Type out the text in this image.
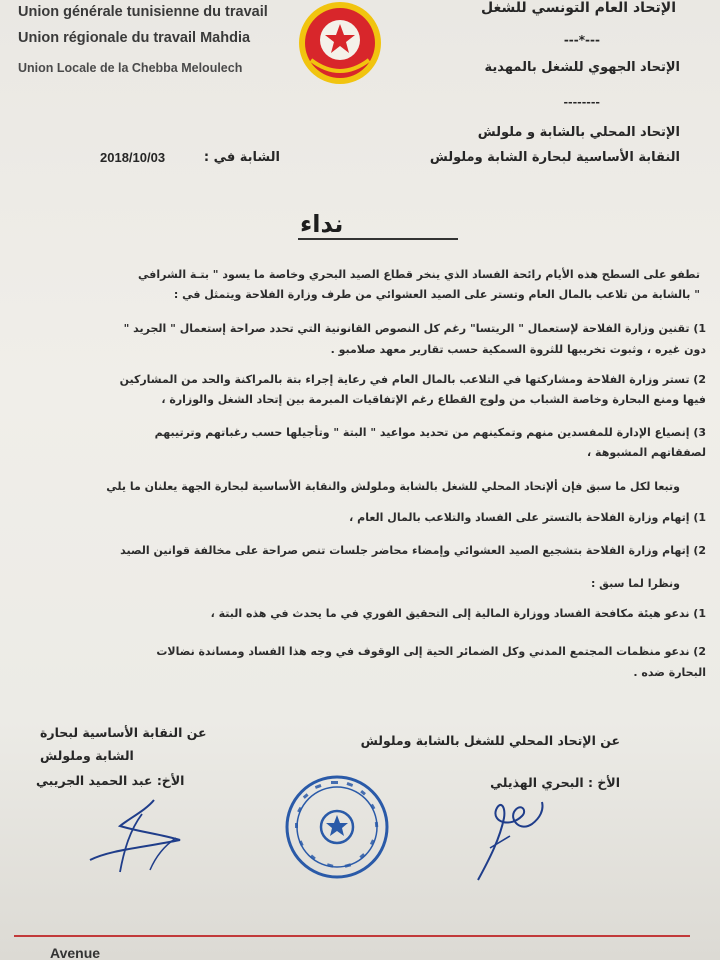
Union générale tunisienne du travail
Union régionale du travail Mahdia
Union Locale de la Chebba Meloulech
الإتحاد العام التونسي للشغل
---*---
الإتحاد الجهوي للشغل بالمهدية
--------
الإتحاد المحلي بالشابة و ملولش
النقابة الأساسية لبحارة الشابة وملولش
الشابة في :
2018/10/03
نداء
تطفو على السطح هذه الأيام رائحة الفساد الذي ينخر قطاع الصيد البحري وخاصة ما يسود " بتـة الشرافي
" بالشابة من تلاعب بالمال العام وتستر على الصيد العشوائي من طرف وزارة الفلاحة ويتمثل في :
1) تقنين وزارة الفلاحة لإستعمال " الريتسا" رغم كل النصوص القانونية التي تحدد صراحة إستعمال " الجريد "
دون غيره ، وثبوت تخريبها للثروة السمكية حسب تقارير معهد صلامبو .
2) تستر وزارة الفلاحة ومشاركتها في التلاعب بالمال العام في رعاية إجراء بتة بالمراكنة والحد من المشاركين
فيها ومنع البحارة وخاصة الشباب من ولوج القطاع رغم الإتفاقيات المبرمة بين إتحاد الشغل والوزارة ،
3) إنصياع الإدارة للمفسدين منهم وتمكينهم من تحديد مواعيد " البتة " وتأجيلها حسب رغباتهم وترتيبهم
لصفقاتهم المشبوهة ،
وتبعا لكل ما سبق فإن ألإتحاد المحلي للشغل بالشابة وملولش والنقابة الأساسية لبحارة الجهة يعلنان ما يلي
1) إتهام وزارة الفلاحة بالتستر على الفساد والتلاعب بالمال العام ،
2) إتهام وزارة الفلاحة بتشجيع الصيد العشوائي وإمضاء محاضر جلسات تنص صراحة على مخالفة قوانين الصيد
ونظرا لما سبق :
1) ندعو هيئة مكافحة الفساد ووزارة المالية إلى التحقيق الفوري في ما يحدث في هذه البتة ،
2) ندعو منظمات المجتمع المدني وكل الضمائر الحية إلى الوقوف في وجه هذا الفساد ومساندة نضالات
البحارة ضده .
عن الإتحاد المحلي للشغل بالشابة وملولش
عن النقابة الأساسية لبحارة
الشابة وملولش
الأخ : البحري الهذيلي
الأخ: عبد الحميد الجريبي
Avenue
